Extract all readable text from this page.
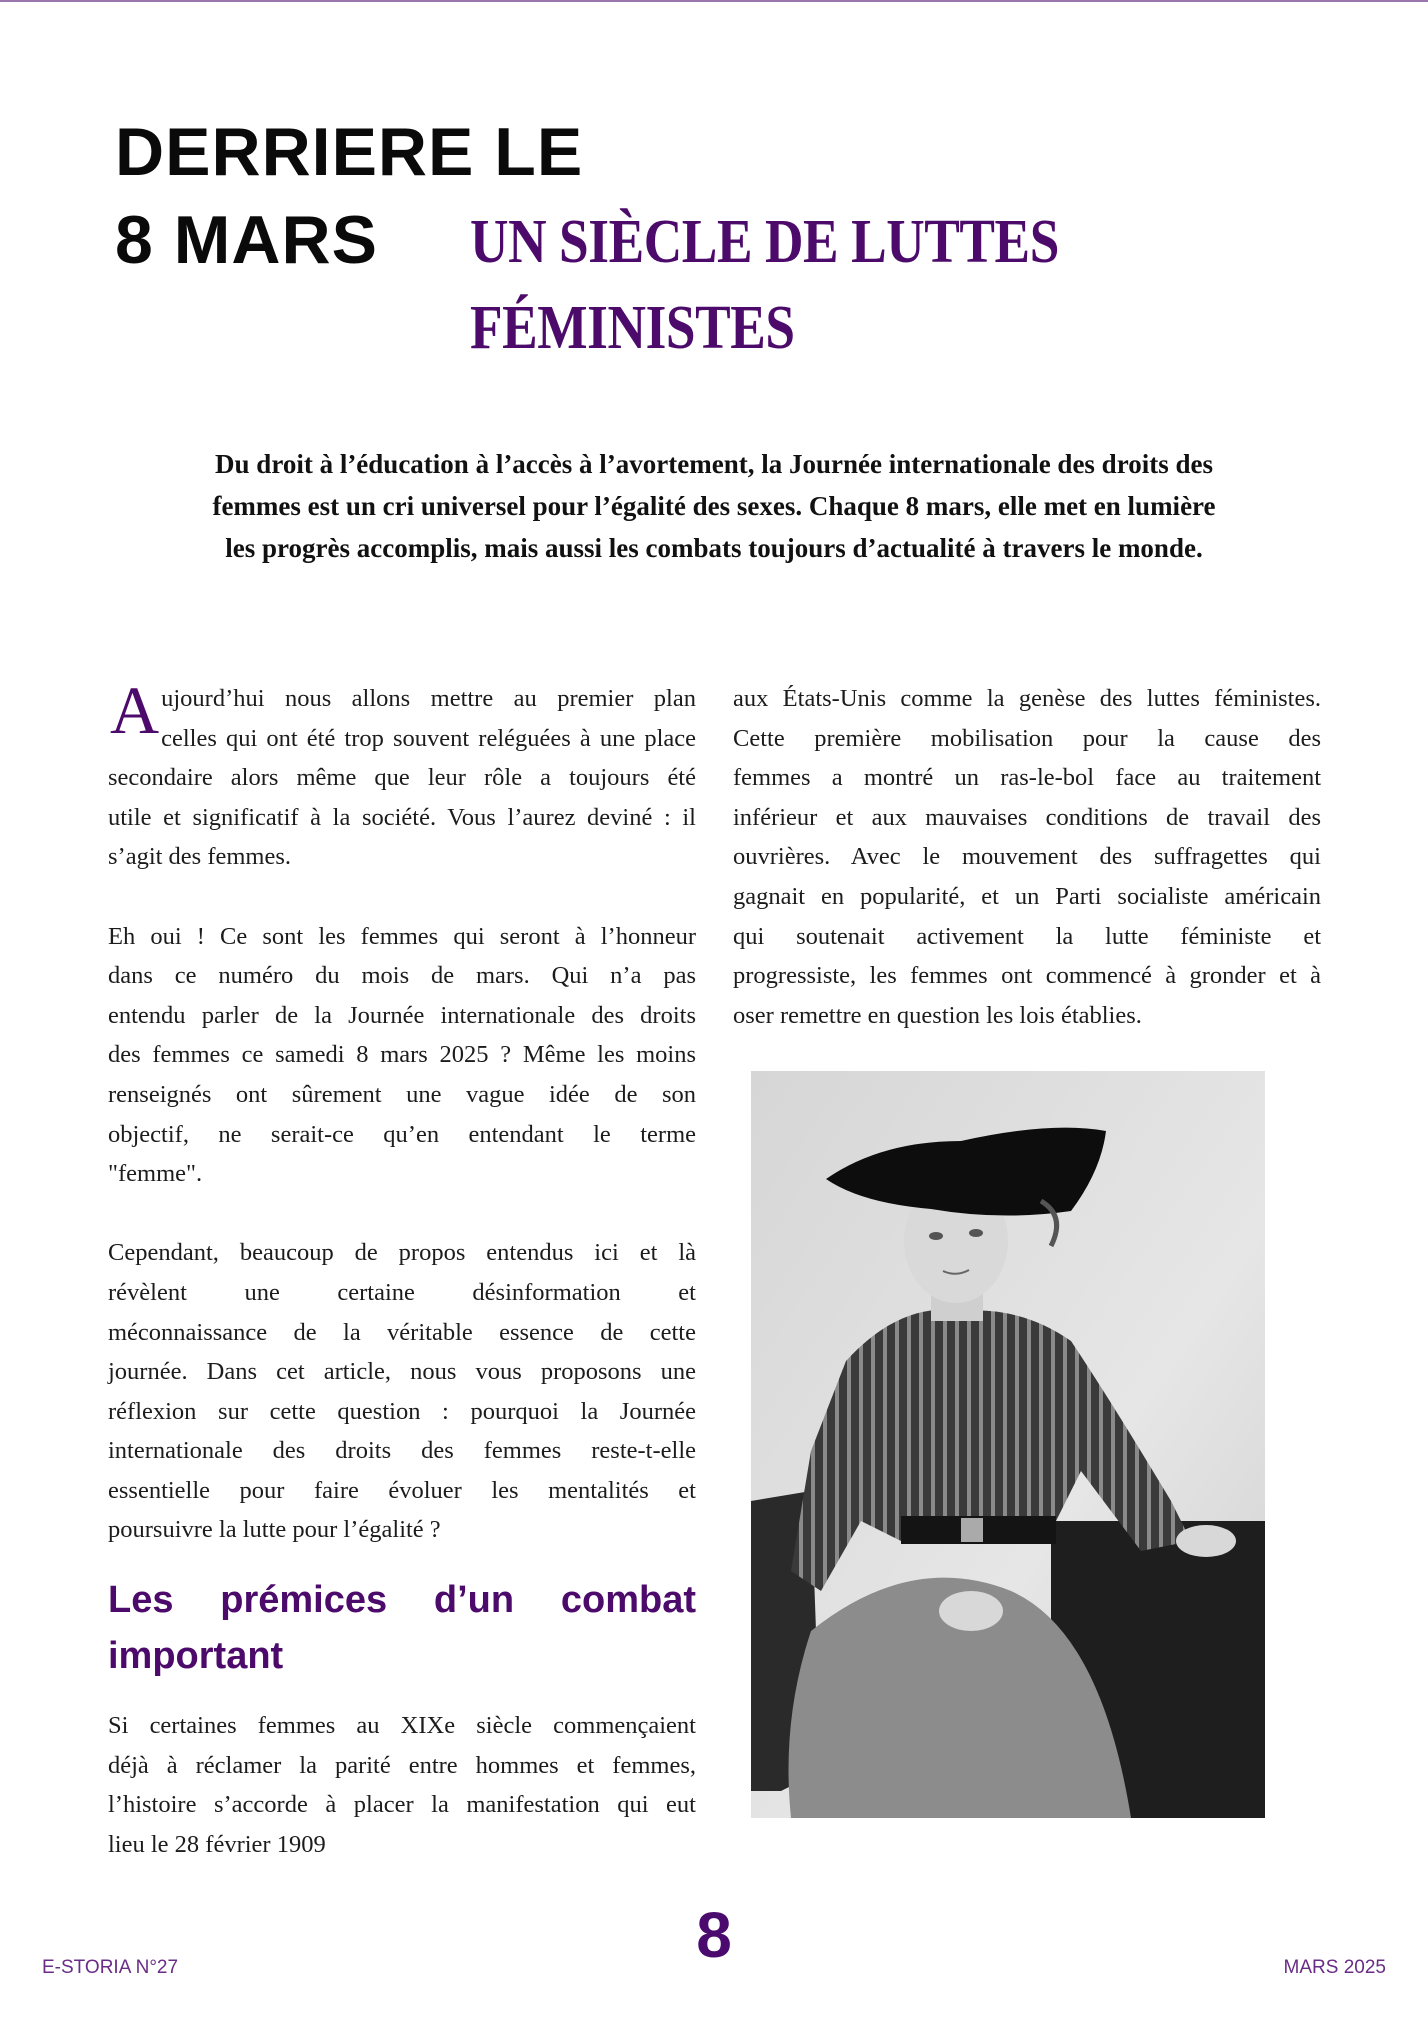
DERRIERE LE
8 MARS UN SIÈCLE DE LUTTES
FÉMINISTES
Du droit à l’éducation à l’accès à l’avortement, la Journée internationale des droits des
femmes est un cri universel pour l’égalité des sexes. Chaque 8 mars, elle met en lumière
les progrès accomplis, mais aussi les combats toujours d’actualité à travers le monde.
A ujourd’hui nous allons mettre au premier plan
celles qui ont été trop souvent reléguées à une place
secondaire alors même que leur rôle a toujours été
utile et significatif à la société. Vous l’aurez deviné : il
s’agit des femmes.
Eh oui ! Ce sont les femmes qui seront à l’honneur
dans ce numéro du mois de mars. Qui n’a pas
entendu parler de la Journée internationale des droits
des femmes ce samedi 8 mars 2025 ? Même les moins
renseignés ont sûrement une vague idée de son
objectif, ne serait-ce qu’en entendant le terme
"femme".
Cependant, beaucoup de propos entendus ici et là
révèlent une certaine désinformation et
méconnaissance de la véritable essence de cette
journée. Dans cet article, nous vous proposons une
réflexion sur cette question : pourquoi la Journée
internationale des droits des femmes reste-t-elle
essentielle pour faire évoluer les mentalités et
poursuivre la lutte pour l’égalité ?
Les prémices d’un combat
important
Si certaines femmes au XIXe siècle commençaient
déjà à réclamer la parité entre hommes et femmes,
l’histoire s’accorde à placer la manifestation qui eut
lieu le 28 février 1909
aux États-Unis comme la genèse des luttes féministes.
Cette première mobilisation pour la cause des
femmes a montré un ras-le-bol face au traitement
inférieur et aux mauvaises conditions de travail des
ouvrières. Avec le mouvement des suffragettes qui
gagnait en popularité, et un Parti socialiste américain
qui soutenait activement la lutte féministe et
progressiste, les femmes ont commencé à gronder et à
oser remettre en question les lois établies.
8
E-STORIA N°27	MARS 2025
